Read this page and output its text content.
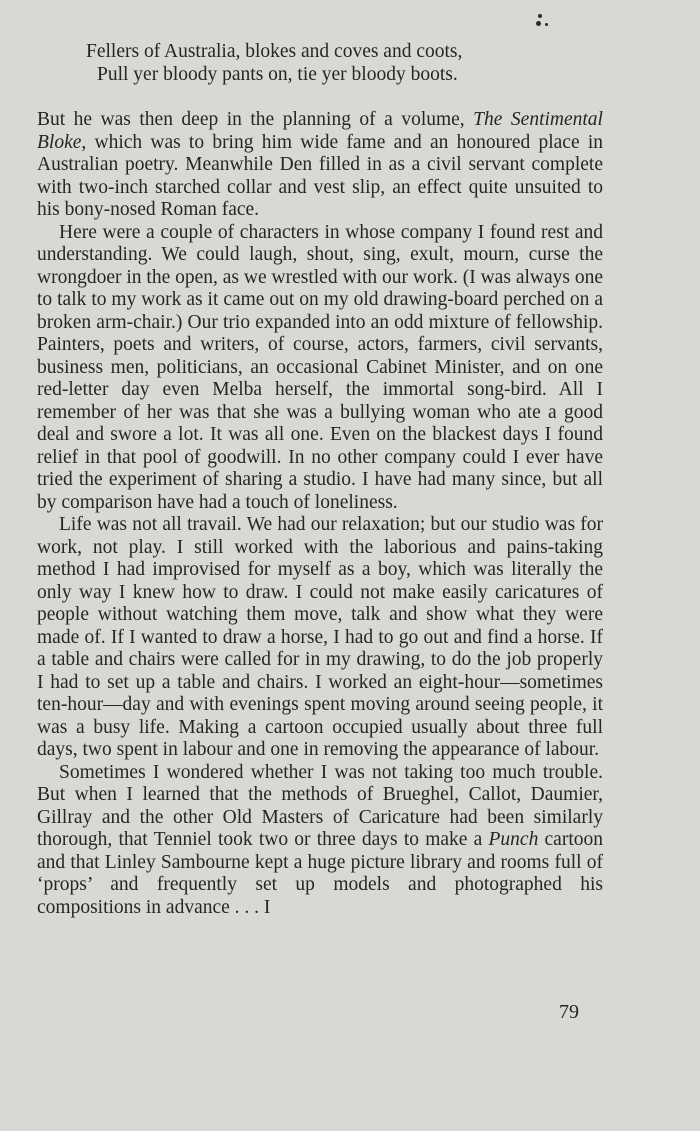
Fellers of Australia, blokes and coves and coots,
Pull yer bloody pants on, tie yer bloody boots.

But he was then deep in the planning of a volume, The Sentimental Bloke, which was to bring him wide fame and an honoured place in Australian poetry. Meanwhile Den filled in as a civil servant complete with two-inch starched collar and vest slip, an effect quite unsuited to his bony-nosed Roman face.

Here were a couple of characters in whose company I found rest and understanding. We could laugh, shout, sing, exult, mourn, curse the wrongdoer in the open, as we wrestled with our work. (I was always one to talk to my work as it came out on my old drawing-board perched on a broken arm-chair.) Our trio expanded into an odd mixture of fellowship. Painters, poets and writers, of course, actors, farmers, civil servants, business men, politicians, an occasional Cabinet Minister, and on one red-letter day even Melba herself, the immortal song-bird. All I remember of her was that she was a bullying woman who ate a good deal and swore a lot. It was all one. Even on the blackest days I found relief in that pool of goodwill. In no other company could I ever have tried the experiment of sharing a studio. I have had many since, but all by comparison have had a touch of loneliness.

Life was not all travail. We had our relaxation; but our studio was for work, not play. I still worked with the laborious and pains-taking method I had improvised for myself as a boy, which was literally the only way I knew how to draw. I could not make easily caricatures of people without watching them move, talk and show what they were made of. If I wanted to draw a horse, I had to go out and find a horse. If a table and chairs were called for in my drawing, to do the job properly I had to set up a table and chairs. I worked an eight-hour—sometimes ten-hour—day and with evenings spent moving around seeing people, it was a busy life. Making a cartoon occupied usually about three full days, two spent in labour and one in removing the appearance of labour.

Sometimes I wondered whether I was not taking too much trouble. But when I learned that the methods of Brueghel, Callot, Daumier, Gillray and the other Old Masters of Caricature had been similarly thorough, that Tenniel took two or three days to make a Punch cartoon and that Linley Sambourne kept a huge picture library and rooms full of ‘props’ and frequently set up models and photographed his compositions in advance . . . I

79
